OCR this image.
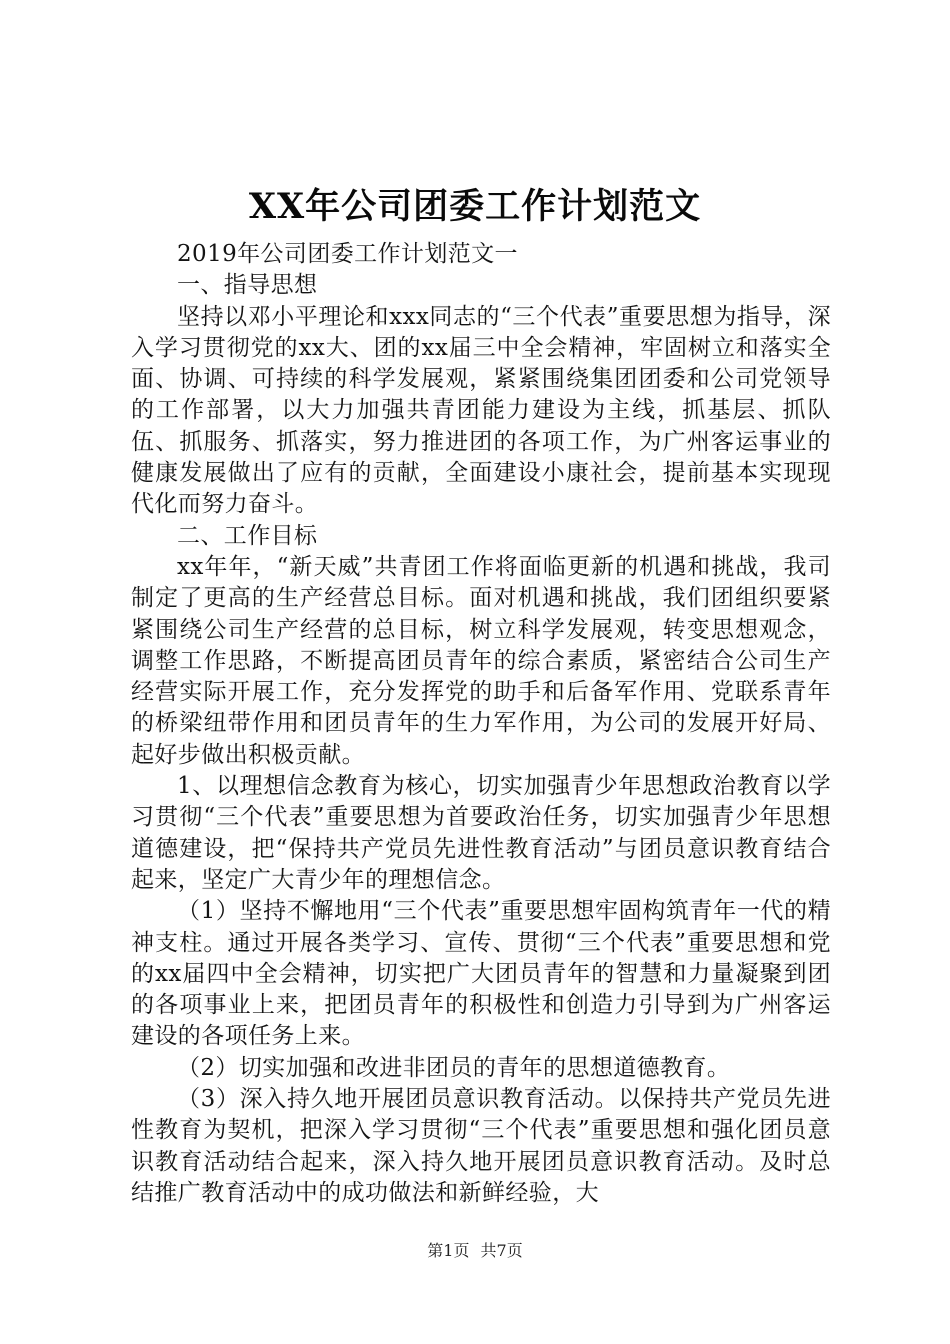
XX年公司团委工作计划范文

2019年公司团委工作计划范文一

一、指导思想

坚持以邓小平理论和xxx同志的“三个代表”重要思想为指导，深入学习贯彻党的xx大、团的xx届三中全会精神，牢固树立和落实全面、协调、可持续的科学发展观，紧紧围绕集团团委和公司党领导的工作部署，以大力加强共青团能力建设为主线，抓基层、抓队伍、抓服务、抓落实，努力推进团的各项工作，为广州客运事业的健康发展做出了应有的贡献，全面建设小康社会，提前基本实现现代化而努力奋斗。

二、工作目标

xx年年，“新天威”共青团工作将面临更新的机遇和挑战，我司制定了更高的生产经营总目标。面对机遇和挑战，我们团组织要紧紧围绕公司生产经营的总目标，树立科学发展观，转变思想观念，调整工作思路，不断提高团员青年的综合素质，紧密结合公司生产经营实际开展工作，充分发挥党的助手和后备军作用、党联系青年的桥梁纽带作用和团员青年的生力军作用，为公司的发展开好局、起好步做出积极贡献。

1、以理想信念教育为核心，切实加强青少年思想政治教育以学习贯彻“三个代表”重要思想为首要政治任务，切实加强青少年思想道德建设，把“保持共产党员先进性教育活动”与团员意识教育结合起来，坚定广大青少年的理想信念。

（1）坚持不懈地用“三个代表”重要思想牢固构筑青年一代的精神支柱。通过开展各类学习、宣传、贯彻“三个代表”重要思想和党的xx届四中全会精神，切实把广大团员青年的智慧和力量凝聚到团的各项事业上来，把团员青年的积极性和创造力引导到为广州客运建设的各项任务上来。

（2）切实加强和改进非团员的青年的思想道德教育。

（3）深入持久地开展团员意识教育活动。以保持共产党员先进性教育为契机，把深入学习贯彻“三个代表”重要思想和强化团员意识教育活动结合起来，深入持久地开展团员意识教育活动。及时总结推广教育活动中的成功做法和新鲜经验，大

第1页 共7页
